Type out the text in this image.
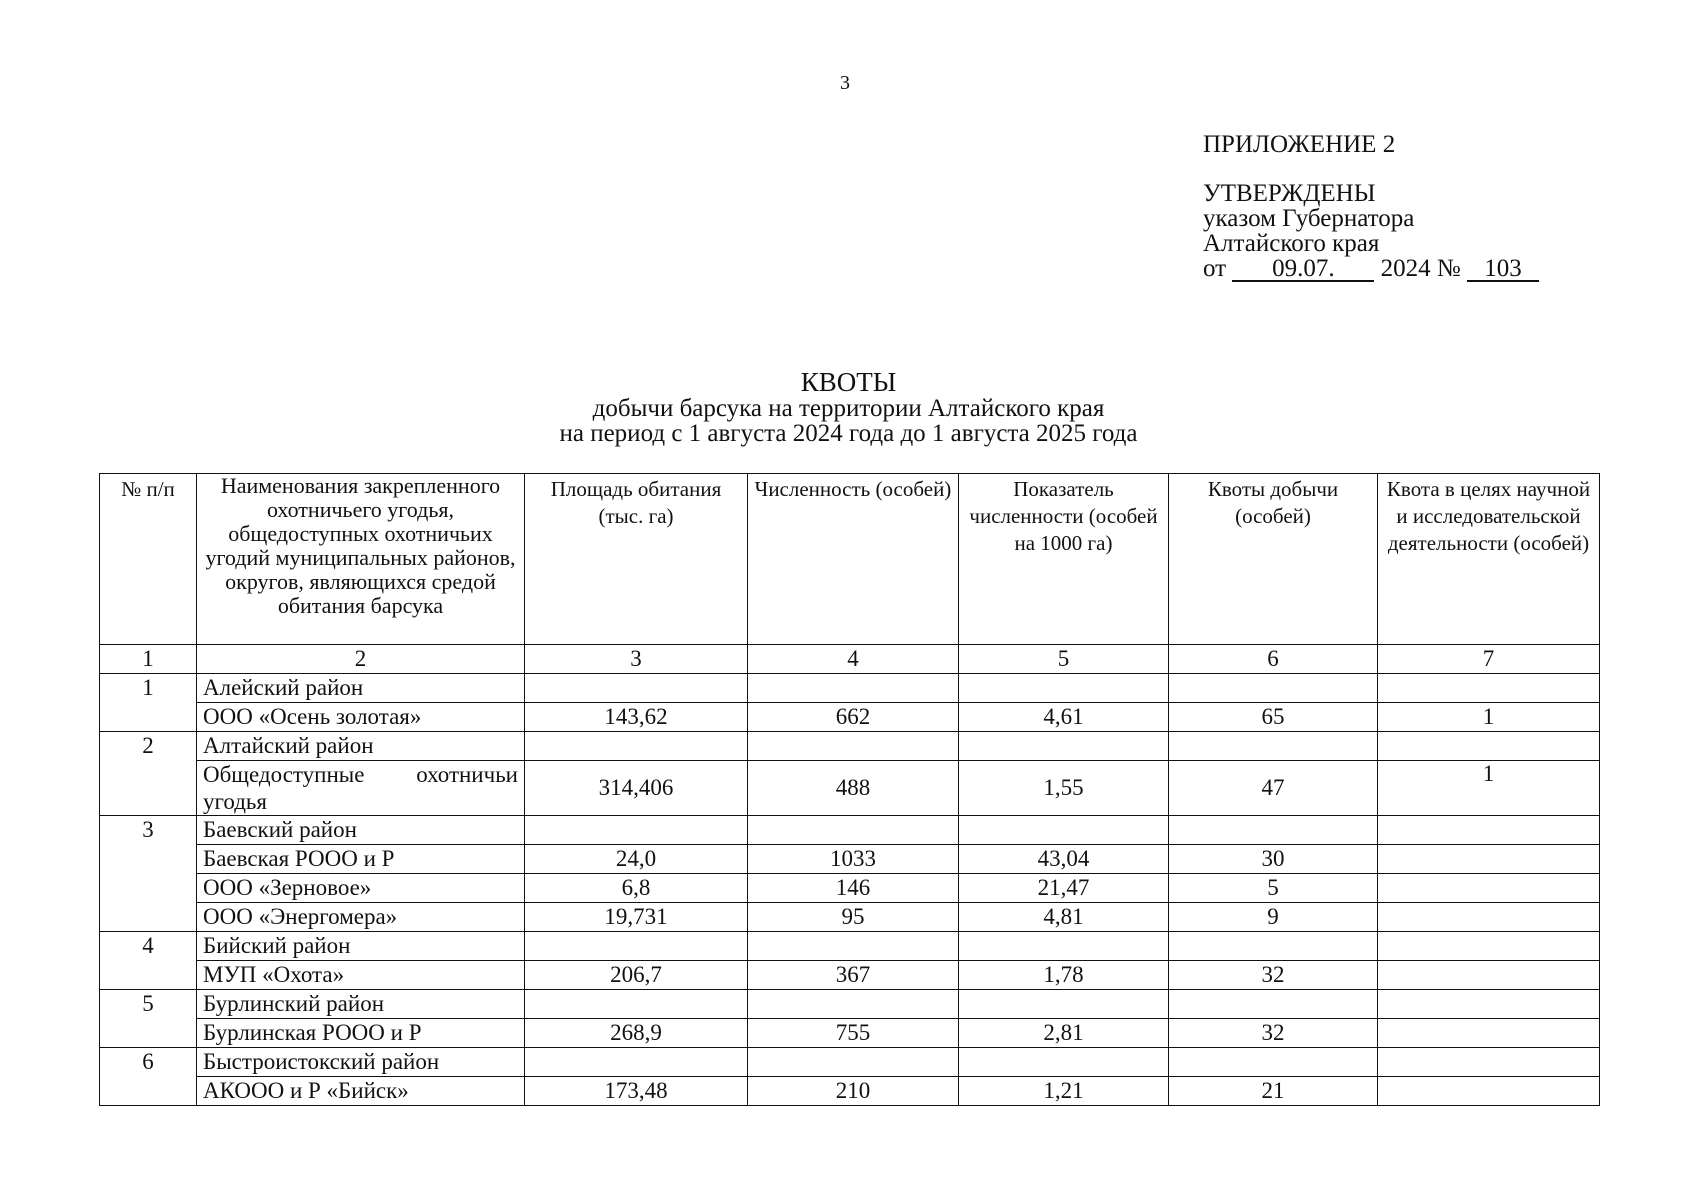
3
ПРИЛОЖЕНИЕ 2
УТВЕРЖДЕНЫ
указом Губернатора
Алтайского края
от 09.07. 2024 № 103
КВОТЫ
добычи барсука на территории Алтайского края
на период с 1 августа 2024 года до 1 августа 2025 года
№ п/п	Наименования закрепленного охотничьего угодья, общедоступных охотничьих угодий муниципальных районов, округов, являющихся средой обитания барсука	Площадь обитания (тыс. га)	Численность (особей)	Показатель численности (особей на 1000 га)	Квоты добычи (особей)	Квота в целях научной и исследовательской деятельности (особей)
1	2	3	4	5	6	7
1	Алейский район					
	ООО «Осень золотая»	143,62	662	4,61	65	1
2	Алтайский район					
	Общедоступные охотничьи угодья	314,406	488	1,55	47	1
3	Баевский район					
	Баевская РООО и Р	24,0	1033	43,04	30	
	ООО «Зерновое»	6,8	146	21,47	5	
	ООО «Энергомера»	19,731	95	4,81	9	
4	Бийский район					
	МУП «Охота»	206,7	367	1,78	32	
5	Бурлинский район					
	Бурлинская РООО и Р	268,9	755	2,81	32	
6	Быстроистокский район					
	АКООО и Р «Бийск»	173,48	210	1,21	21	
